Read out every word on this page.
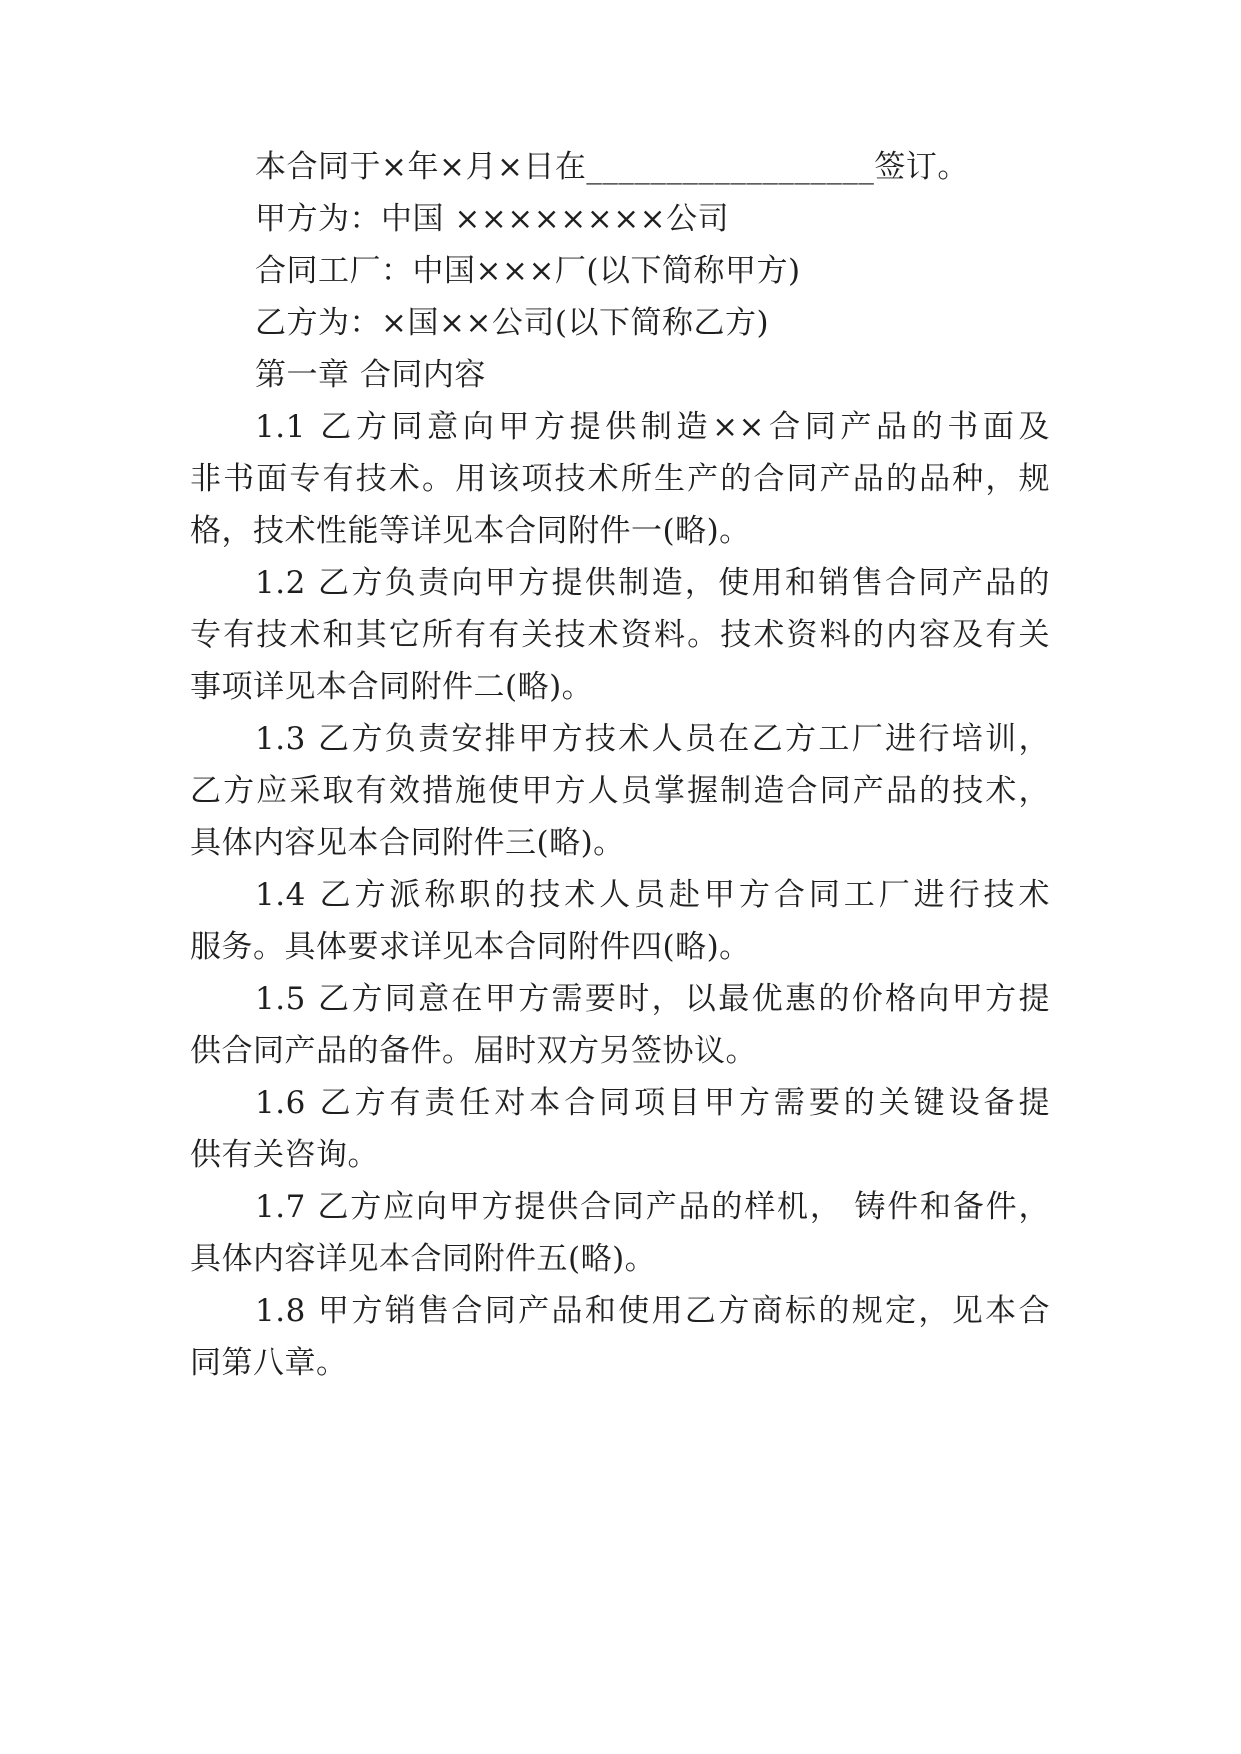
本合同于×年×月×日在__________________签订。
甲方为：中国 ××××××××公司
合同工厂：中国×××厂(以下简称甲方)
乙方为：×国××公司(以下简称乙方)
第一章 合同内容
1.1 乙方同意向甲方提供制造××合同产品的书面及
非书面专有技术。用该项技术所生产的合同产品的品种，规
格，技术性能等详见本合同附件一(略)。
1.2 乙方负责向甲方提供制造，使用和销售合同产品的
专有技术和其它所有有关技术资料。技术资料的内容及有关
事项详见本合同附件二(略)。
1.3 乙方负责安排甲方技术人员在乙方工厂进行培训，
乙方应采取有效措施使甲方人员掌握制造合同产品的技术，
具体内容见本合同附件三(略)。
1.4 乙方派称职的技术人员赴甲方合同工厂进行技术
服务。具体要求详见本合同附件四(略)。
1.5 乙方同意在甲方需要时，以最优惠的价格向甲方提
供合同产品的备件。届时双方另签协议。
1.6 乙方有责任对本合同项目甲方需要的关键设备提
供有关咨询。
1.7 乙方应向甲方提供合同产品的样机， 铸件和备件，
具体内容详见本合同附件五(略)。
1.8 甲方销售合同产品和使用乙方商标的规定，见本合
同第八章。
